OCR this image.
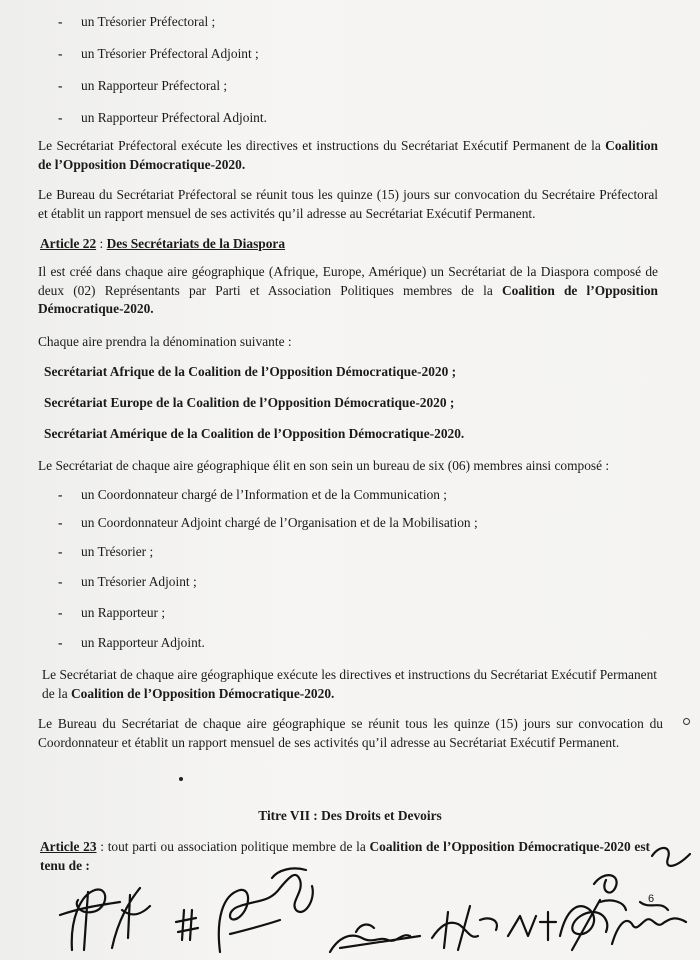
- un Trésorier Préfectoral ;
- un Trésorier Préfectoral Adjoint ;
- un Rapporteur Préfectoral ;
- un Rapporteur Préfectoral Adjoint.
Le Secrétariat Préfectoral exécute les directives et instructions du Secrétariat Exécutif Permanent de la Coalition de l’Opposition Démocratique-2020.
Le Bureau du Secrétariat Préfectoral se réunit tous les quinze (15) jours sur convocation du Secrétaire Préfectoral et établit un rapport mensuel de ses activités qu’il adresse au Secrétariat Exécutif Permanent.
Article 22 : Des Secrétariats de la Diaspora
Il est créé dans chaque aire géographique (Afrique, Europe, Amérique) un Secrétariat de la Diaspora composé de deux (02) Représentants par Parti et Association Politiques membres de la Coalition de l’Opposition Démocratique-2020.
Chaque aire prendra la dénomination suivante :
Secrétariat Afrique de la Coalition de l’Opposition Démocratique-2020 ;
Secrétariat Europe de la Coalition de l’Opposition Démocratique-2020 ;
Secrétariat Amérique de la Coalition de l’Opposition Démocratique-2020.
Le Secrétariat de chaque aire géographique élit en son sein un bureau de six (06) membres ainsi composé :
- un Coordonnateur chargé de l’Information et de la Communication ;
- un Coordonnateur Adjoint chargé de l’Organisation et de la Mobilisation ;
- un Trésorier ;
- un Trésorier Adjoint ;
- un Rapporteur ;
- un Rapporteur Adjoint.
Le Secrétariat de chaque aire géographique exécute les directives et instructions du Secrétariat Exécutif Permanent de la Coalition de l’Opposition Démocratique-2020.
Le Bureau du Secrétariat de chaque aire géographique se réunit tous les quinze (15) jours sur convocation du Coordonnateur et établit un rapport mensuel de ses activités qu’il adresse au Secrétariat Exécutif Permanent.
Titre VII : Des Droits et Devoirs
Article 23 : tout parti ou association politique membre de la Coalition de l’Opposition Démocratique-2020 est tenu de :
6
